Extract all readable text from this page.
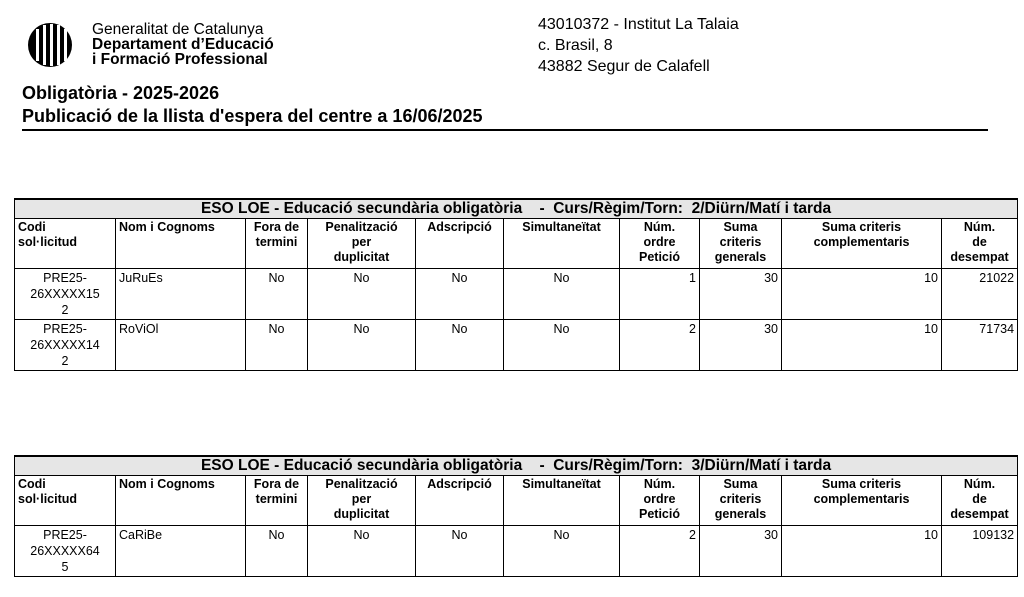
Generalitat de Catalunya
Departament d’Educació
i Formació Professional
43010372 - Institut La Talaia
c. Brasil, 8
43882 Segur de Calafell
Obligatòria - 2025-2026
Publicació de la llista d'espera del centre a 16/06/2025
ESO LOE - Educació secundària obligatòria    -  Curs/Règim/Torn:  2/Diürn/Matí i tarda									
Codi
sol·licitud	Nom i Cognoms	Fora de
termini	Penalització
per
duplicitat	Adscripció	Simultaneïtat	Núm.
ordre
Petició	Suma
criteris
generals	Suma criteris
complementaris	Núm.
de
desempat
PRE25-
26XXXXX15
2	JuRuEs	No	No	No	No	1	30	10	21022
PRE25-
26XXXXX14
2	RoViOl	No	No	No	No	2	30	10	71734
ESO LOE - Educació secundària obligatòria    -  Curs/Règim/Torn:  3/Diürn/Matí i tarda									
Codi
sol·licitud	Nom i Cognoms	Fora de
termini	Penalització
per
duplicitat	Adscripció	Simultaneïtat	Núm.
ordre
Petició	Suma
criteris
generals	Suma criteris
complementaris	Núm.
de
desempat
PRE25-
26XXXXX64
5	CaRiBe	No	No	No	No	2	30	10	109132
